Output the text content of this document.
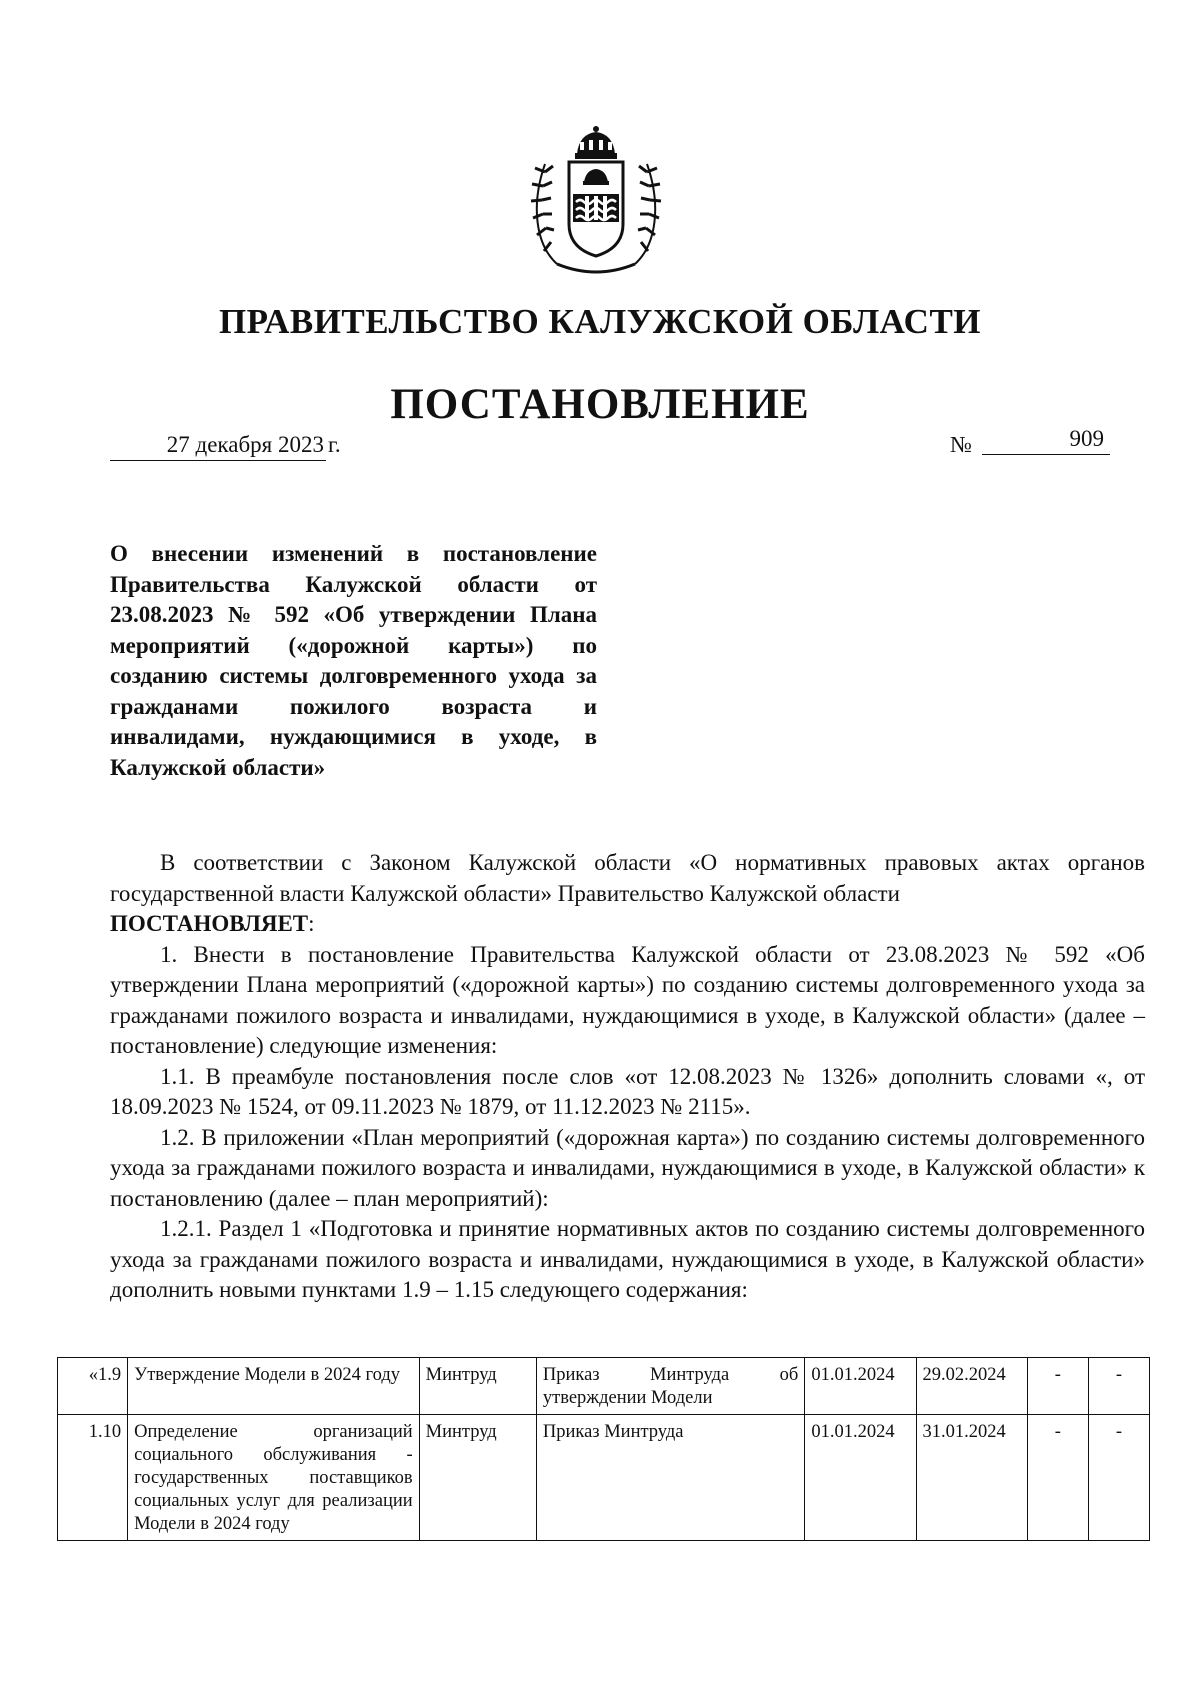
ПРАВИТЕЛЬСТВО КАЛУЖСКОЙ ОБЛАСТИ
ПОСТАНОВЛЕНИЕ
27 декабря 2023 г.	№	909
О внесении изменений в постановление Правительства Калужской области от 23.08.2023 № 592 «Об утверждении Плана мероприятий («дорожной карты») по созданию системы долговременного ухода за гражданами пожилого возраста и инвалидами, нуждающимися в уходе, в Калужской области»

В соответствии с Законом Калужской области «О нормативных правовых актах органов государственной власти Калужской области» Правительство Калужской области

ПОСТАНОВЛЯЕТ:

1. Внести в постановление Правительства Калужской области от 23.08.2023 № 592 «Об утверждении Плана мероприятий («дорожной карты») по созданию системы долговременного ухода за гражданами пожилого возраста и инвалидами, нуждающимися в уходе, в Калужской области» (далее – постановление) следующие изменения:

1.1. В преамбуле постановления после слов «от 12.08.2023 № 1326» дополнить словами «, от 18.09.2023 № 1524, от 09.11.2023 № 1879, от 11.12.2023 № 2115».

1.2. В приложении «План мероприятий («дорожная карта») по созданию системы долговременного ухода за гражданами пожилого возраста и инвалидами, нуждающимися в уходе, в Калужской области» к постановлению (далее – план мероприятий):

1.2.1. Раздел 1 «Подготовка и принятие нормативных актов по созданию системы долговременного ухода за гражданами пожилого возраста и инвалидами, нуждающимися в уходе, в Калужской области» дополнить новыми пунктами 1.9 – 1.15 следующего содержания:

«1.9	Утверждение Модели в 2024 году	Минтруд	Приказ Минтруда об утверждении Модели	01.01.2024	29.02.2024	-	-
1.10	Определение организаций социального обслуживания - государственных поставщиков социальных услуг для реализации Модели в 2024 году	Минтруд	Приказ Минтруда	01.01.2024	31.01.2024	-	-
